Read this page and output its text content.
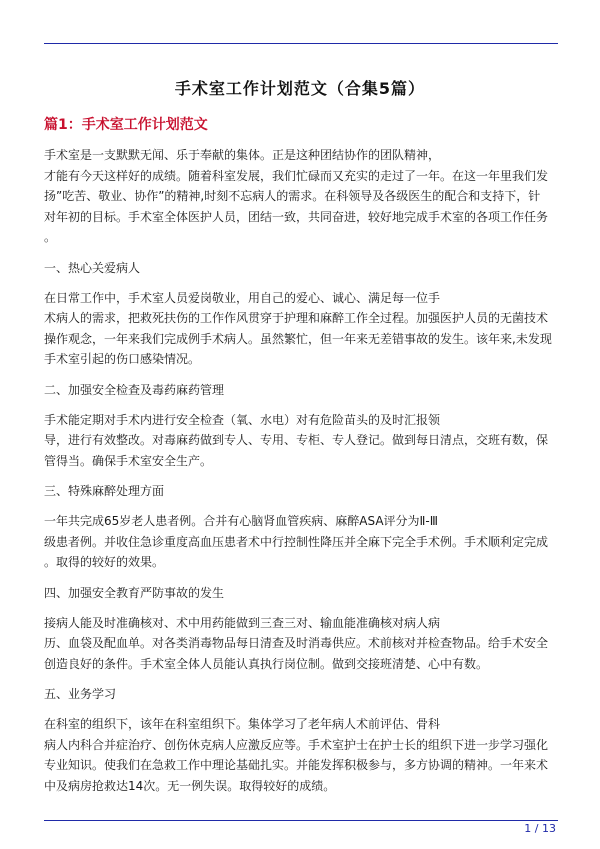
手术室工作计划范文（合集5篇）
篇1：手术室工作计划范文

手术室是一支默默无闻、乐于奉献的集体。正是这种团结协作的团队精神，
才能有今天这样好的成绩。随着科室发展，我们忙碌而又充实的走过了一年。在这一年里我们发
扬”吃苦、敬业、协作”的精神,时刻不忘病人的需求。在科领导及各级医生的配合和支持下，针
对年初的目标。手术室全体医护人员，团结一致，共同奋进，较好地完成手术室的各项工作任务
。

一、热心关爱病人

在日常工作中，手术室人员爱岗敬业，用自己的爱心、诚心、满足每一位手
术病人的需求，把救死扶伤的工作作风贯穿于护理和麻醉工作全过程。加强医护人员的无菌技术
操作观念，一年来我们完成例手术病人。虽然繁忙，但一年来无差错事故的发生。该年来,未发现
手术室引起的伤口感染情况。

二、加强安全检查及毒药麻药管理

手术能定期对手术内进行安全检查（氧、水电）对有危险苗头的及时汇报领
导，进行有效整改。对毒麻药做到专人、专用、专柜、专人登记。做到每日清点，交班有数，保
管得当。确保手术室安全生产。

三、特殊麻醉处理方面

一年共完成65岁老人患者例。合并有心脑肾血管疾病、麻醉ASA评分为Ⅱ-Ⅲ
级患者例。并收住急诊重度高血压患者术中行控制性降压并全麻下完全手术例。手术顺利定完成
。取得的较好的效果。

四、加强安全教育严防事故的发生

接病人能及时准确核对、术中用药能做到三查三对、输血能准确核对病人病
历、血袋及配血单。对各类消毒物品每日清查及时消毒供应。术前核对并检查物品。给手术安全
创造良好的条件。手术室全体人员能认真执行岗位制。做到交接班清楚、心中有数。

五、业务学习

在科室的组织下，该年在科室组织下。集体学习了老年病人术前评估、骨科
病人内科合并症治疗、创伤休克病人应激反应等。手术室护士在护士长的组织下进一步学习强化
专业知识。使我们在急救工作中理论基础扎实。并能发挥积极参与，多方协调的精神。一年来术
中及病房抢救达14次。无一例失误。取得较好的成绩。

1 / 13
